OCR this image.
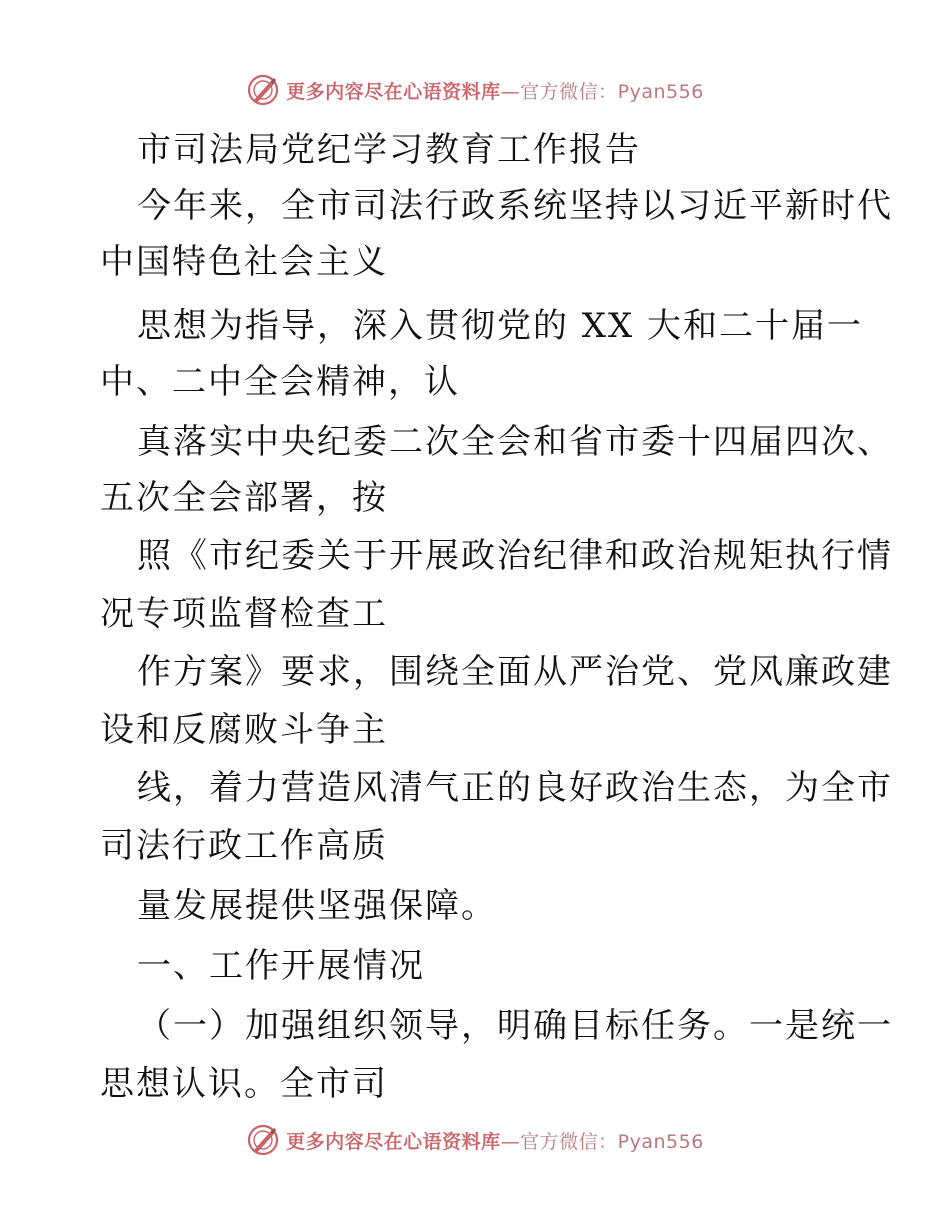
更多内容尽在心语资料库—官方微信：Pyan556
市司法局党纪学习教育工作报告
今年来，全市司法行政系统坚持以习近平新时代
中国特色社会主义
思想为指导，深入贯彻党的 XX 大和二十届一
中、二中全会精神，认
真落实中央纪委二次全会和省市委十四届四次、
五次全会部署，按
照《市纪委关于开展政治纪律和政治规矩执行情
况专项监督检查工
作方案》要求，围绕全面从严治党、党风廉政建
设和反腐败斗争主
线，着力营造风清气正的良好政治生态，为全市
司法行政工作高质
量发展提供坚强保障。
一、工作开展情况
（一）加强组织领导，明确目标任务。一是统一
思想认识。全市司
更多内容尽在心语资料库—官方微信：Pyan556
